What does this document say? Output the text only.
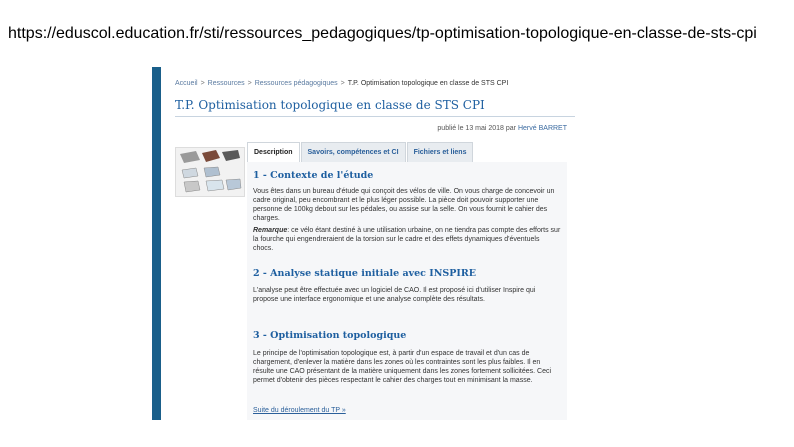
https://eduscol.education.fr/sti/ressources_pedagogiques/tp-optimisation-topologique-en-classe-de-sts-cpi
Accueil > Ressources > Ressources pédagogiques > T.P. Optimisation topologique en classe de STS CPI
T.P. Optimisation topologique en classe de STS CPI
publié le 13 mai 2018 par Hervé BARRET
Description	Savoirs, compétences et CI	Fichiers et liens
1 - Contexte de l'étude
Vous êtes dans un bureau d'étude qui conçoit des vélos de ville. On vous charge de concevoir un cadre original, peu encombrant et le plus léger possible. La pièce doit pouvoir supporter une personne de 100kg debout sur les pédales, ou assise sur la selle. On vous fournit le cahier des charges.
Remarque: ce vélo étant destiné à une utilisation urbaine, on ne tiendra pas compte des efforts sur la fourche qui engendreraient de la torsion sur le cadre et des effets dynamiques d'éventuels chocs.
2 - Analyse statique initiale avec INSPIRE
L'analyse peut être effectuée avec un logiciel de CAO. Il est proposé ici d'utiliser Inspire qui propose une interface ergonomique et une analyse complète des résultats.
3 - Optimisation topologique
Le principe de l'optimisation topologique est, à partir d'un espace de travail et d'un cas de chargement, d'enlever la matière dans les zones où les contraintes sont les plus faibles. Il en résulte une CAO présentant de la matière uniquement dans les zones fortement sollicitées. Ceci permet d'obtenir des pièces respectant le cahier des charges tout en minimisant la masse.
Suite du déroulement du TP »
